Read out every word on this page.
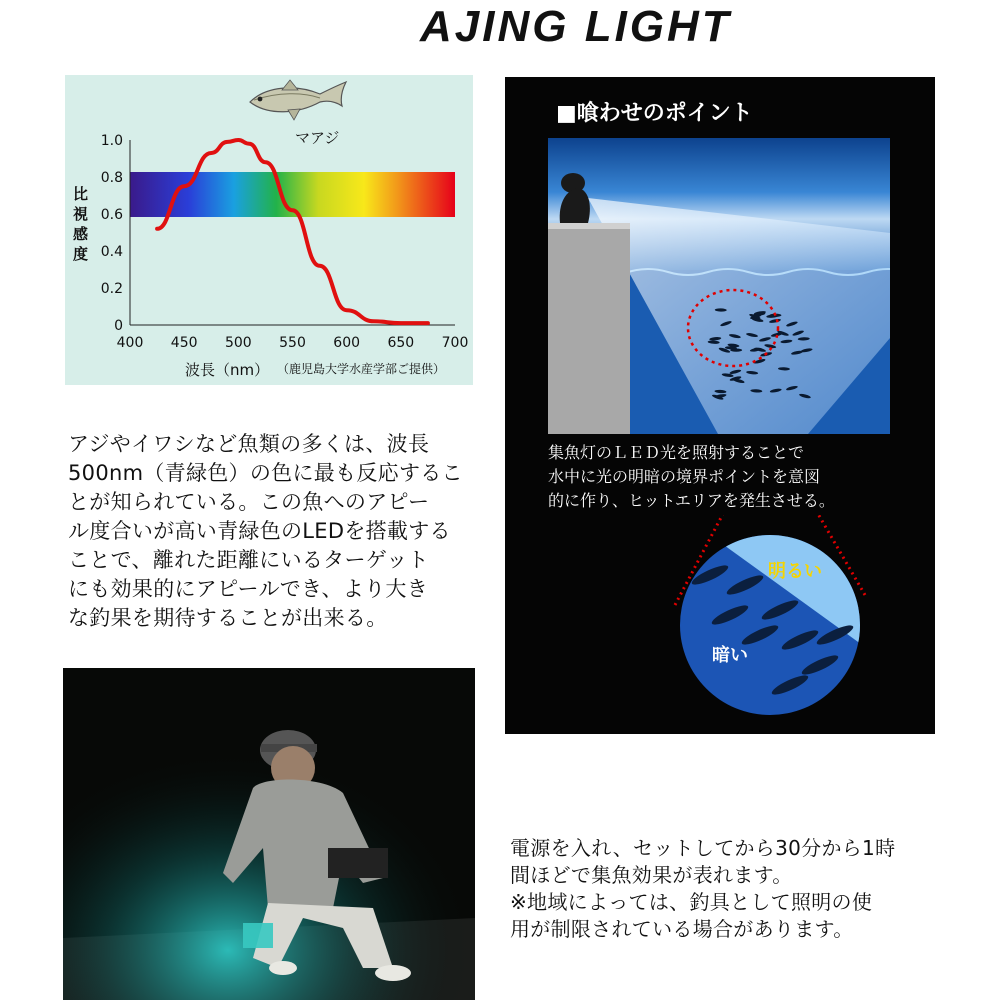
AJING LIGHT
マアジ
比
視
感
度
1.0
0.8
0.6
0.4
0.2
0
400 450 500 550 600 650 700
波長（nm） （鹿児島大学水産学部ご提供）
アジやイワシなど魚類の多くは、波長
500nm（青緑色）の色に最も反応するこ
とが知られている。この魚へのアピー
ル度合いが高い青緑色のLEDを搭載する
ことで、離れた距離にいるターゲット
にも効果的にアピールでき、より大き
な釣果を期待することが出来る。
■喰わせのポイント
集魚灯のＬＥＤ光を照射することで
水中に光の明暗の境界ポイントを意図
的に作り、ヒットエリアを発生させる。
明るい
暗い
電源を入れ、セットしてから30分から1時
間ほどで集魚効果が表れます。
※地域によっては、釣具として照明の使
用が制限されている場合があります。
